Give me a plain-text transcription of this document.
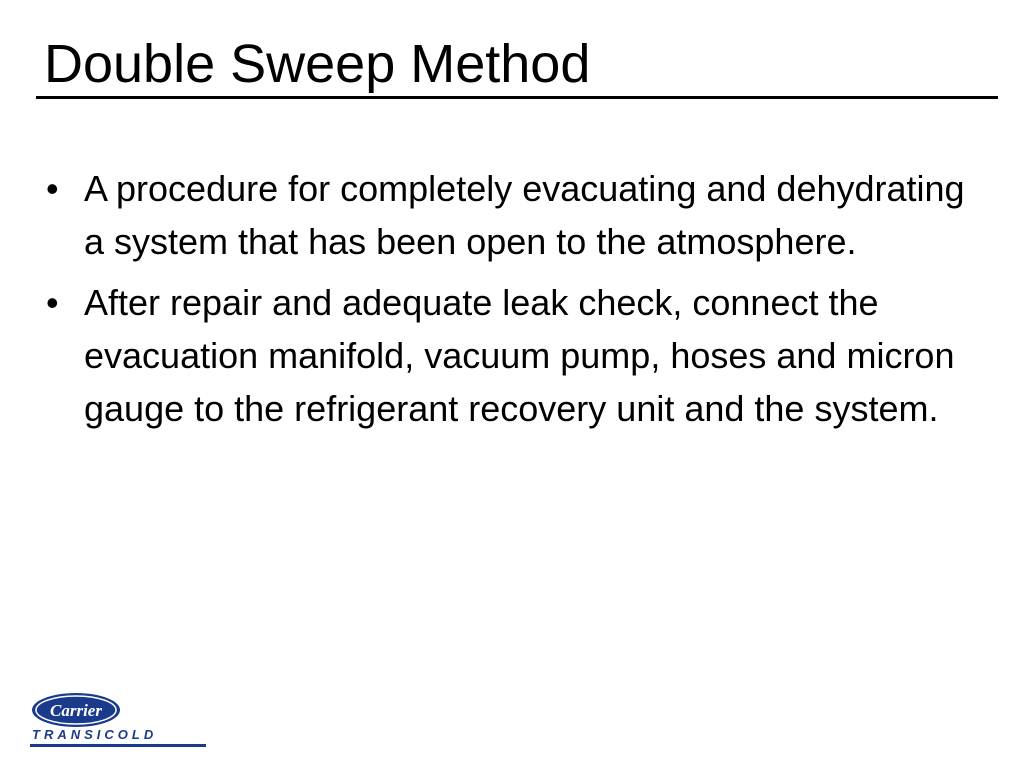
Double Sweep Method
• A procedure for completely evacuating and dehydrating a system that has been open to the atmosphere.
• After repair and adequate leak check, connect the evacuation manifold, vacuum pump, hoses and micron gauge to the refrigerant recovery unit and the system.
Carrier
TRANSICOLD
